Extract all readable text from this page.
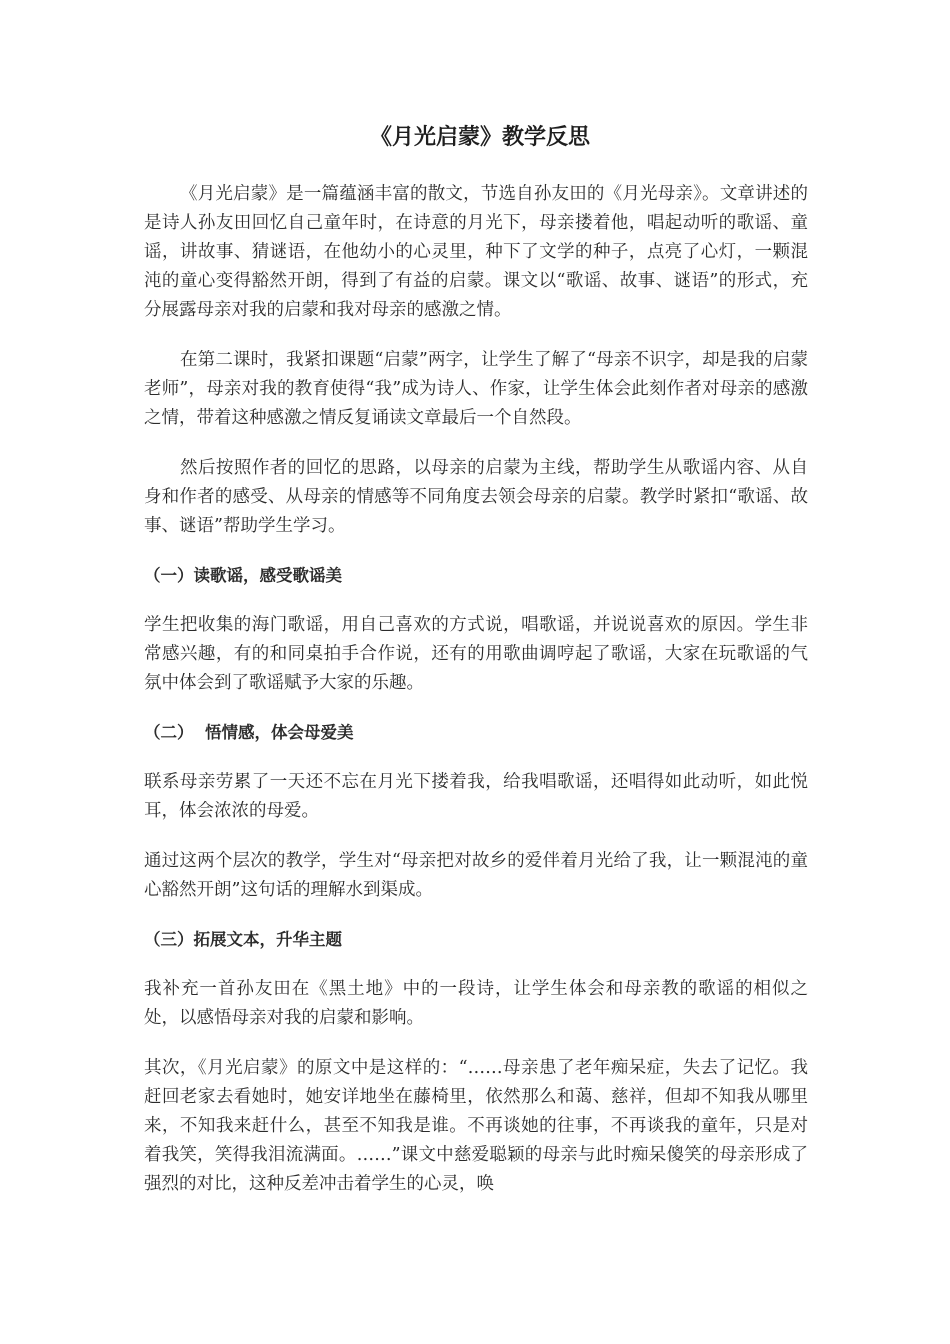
《月光启蒙》教学反思

《月光启蒙》是一篇蕴涵丰富的散文，节选自孙友田的《月光母亲》。文章讲述的是诗人孙友田回忆自己童年时，在诗意的月光下，母亲搂着他，唱起动听的歌谣、童谣，讲故事、猜谜语，在他幼小的心灵里，种下了文学的种子，点亮了心灯，一颗混沌的童心变得豁然开朗，得到了有益的启蒙。课文以“歌谣、故事、谜语”的形式，充分展露母亲对我的启蒙和我对母亲的感激之情。

在第二课时，我紧扣课题“启蒙”两字，让学生了解了“母亲不识字，却是我的启蒙老师”，母亲对我的教育使得“我”成为诗人、作家，让学生体会此刻作者对母亲的感激之情，带着这种感激之情反复诵读文章最后一个自然段。

然后按照作者的回忆的思路，以母亲的启蒙为主线，帮助学生从歌谣内容、从自身和作者的感受、从母亲的情感等不同角度去领会母亲的启蒙。教学时紧扣“歌谣、故事、谜语”帮助学生学习。

（一）读歌谣，感受歌谣美

学生把收集的海门歌谣，用自己喜欢的方式说，唱歌谣，并说说喜欢的原因。学生非常感兴趣，有的和同桌拍手合作说，还有的用歌曲调哼起了歌谣，大家在玩歌谣的气氛中体会到了歌谣赋予大家的乐趣。

（二）  悟情感，体会母爱美

联系母亲劳累了一天还不忘在月光下搂着我，给我唱歌谣，还唱得如此动听，如此悦耳，体会浓浓的母爱。

通过这两个层次的教学，学生对“母亲把对故乡的爱伴着月光给了我，让一颗混沌的童心豁然开朗”这句话的理解水到渠成。

（三）拓展文本，升华主题

我补充一首孙友田在《黑土地》中的一段诗，让学生体会和母亲教的歌谣的相似之处，以感悟母亲对我的启蒙和影响。

其次，《月光启蒙》的原文中是这样的：“……母亲患了老年痴呆症，失去了记忆。我赶回老家去看她时，她安详地坐在藤椅里，依然那么和蔼、慈祥，但却不知我从哪里来，不知我来赶什么，甚至不知我是谁。不再谈她的往事，不再谈我的童年，只是对着我笑，笑得我泪流满面。……”课文中慈爱聪颖的母亲与此时痴呆傻笑的母亲形成了强烈的对比，这种反差冲击着学生的心灵，唤
